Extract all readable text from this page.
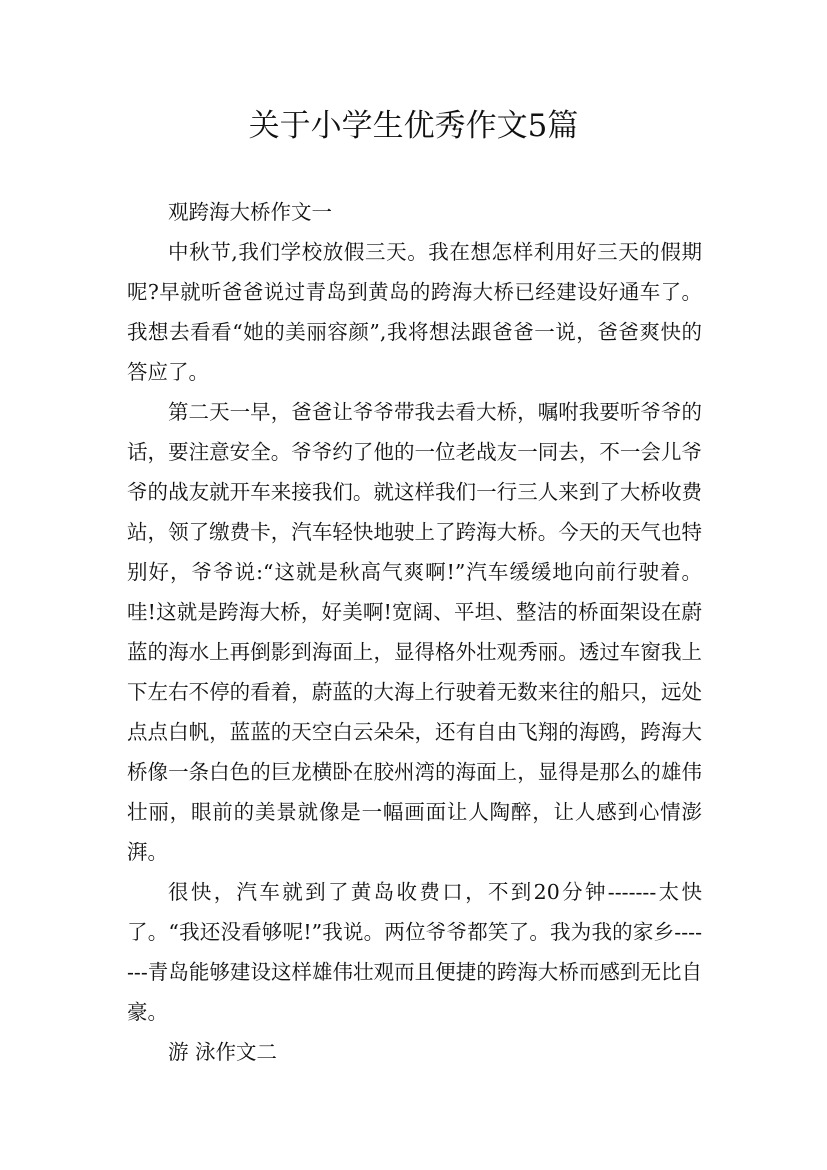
关于小学生优秀作文5篇

观跨海大桥作文一

中秋节,我们学校放假三天。我在想怎样利用好三天的假期呢?早就听爸爸说过青岛到黄岛的跨海大桥已经建设好通车了。我想去看看“她的美丽容颜”,我将想法跟爸爸一说，爸爸爽快的答应了。

第二天一早，爸爸让爷爷带我去看大桥，嘱咐我要听爷爷的话，要注意安全。爷爷约了他的一位老战友一同去，不一会儿爷爷的战友就开车来接我们。就这样我们一行三人来到了大桥收费站，领了缴费卡，汽车轻快地驶上了跨海大桥。今天的天气也特别好，爷爷说:“这就是秋高气爽啊!”汽车缓缓地向前行驶着。哇!这就是跨海大桥，好美啊!宽阔、平坦、整洁的桥面架设在蔚蓝的海水上再倒影到海面上，显得格外壮观秀丽。透过车窗我上下左右不停的看着，蔚蓝的大海上行驶着无数来往的船只，远处点点白帆，蓝蓝的天空白云朵朵，还有自由飞翔的海鸥，跨海大桥像一条白色的巨龙横卧在胶州湾的海面上，显得是那么的雄伟壮丽，眼前的美景就像是一幅画面让人陶醉，让人感到心情澎湃。

很快，汽车就到了黄岛收费口，不到20分钟-------太快了。“我还没看够呢!”我说。两位爷爷都笑了。我为我的家乡-------青岛能够建设这样雄伟壮观而且便捷的跨海大桥而感到无比自豪。

游 泳作文二
